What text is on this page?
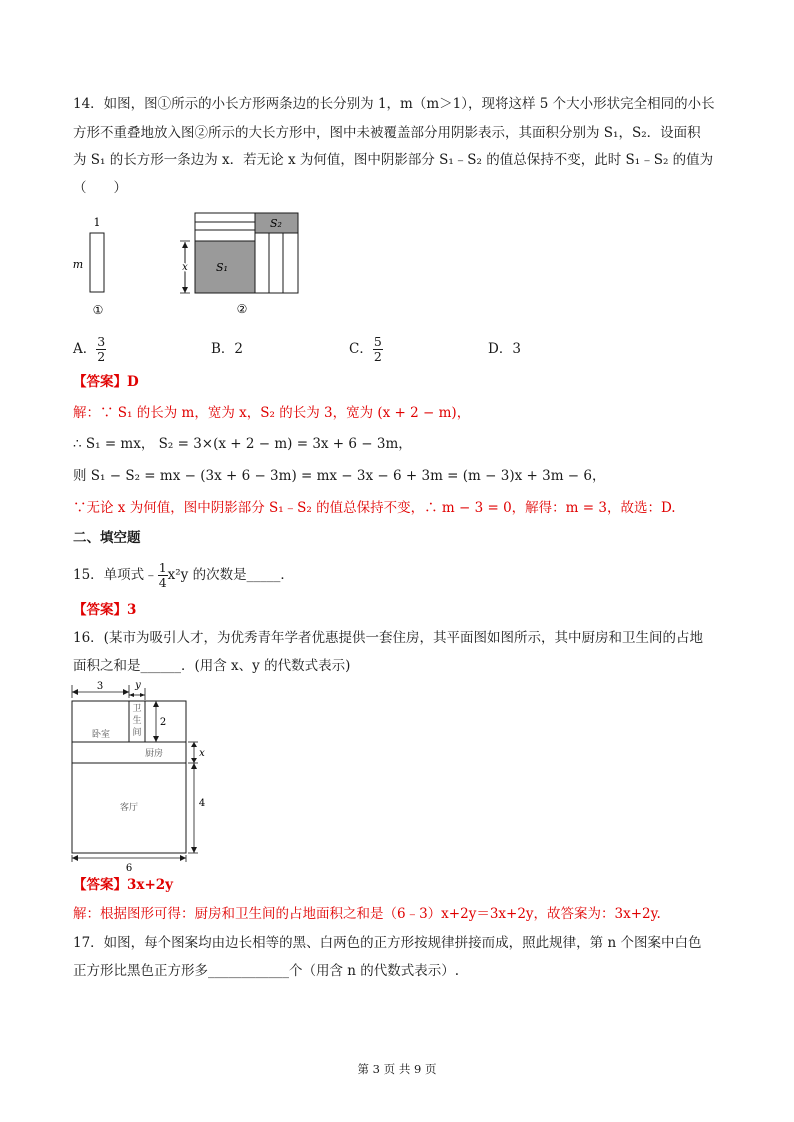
14．如图，图①所示的小长方形两条边的长分别为 1，m（m＞1），现将这样 5 个大小形状完全相同的小长
方形不重叠地放入图②所示的大长方形中，图中未被覆盖部分用阴影表示，其面积分别为 S₁，S₂．设面积
为 S₁ 的长方形一条边为 x．若无论 x 为何值，图中阴影部分 S₁﹣S₂ 的值总保持不变，此时 S₁﹣S₂ 的值为
（　　）
1
m
①
x	S₁
S₂
②
A． $\frac{3}{2}$	B．2	C． $\frac{5}{2}$	D．3
【答案】D
解：∵ S₁ 的长为 m，宽为 x，S₂ 的长为 3，宽为 (x + 2 − m)，
∴ S₁ = mx， S₂ = 3×(x + 2 − m) = 3x + 6 − 3m，
则 S₁ − S₂ = mx − (3x + 6 − 3m) = mx − 3x − 6 + 3m = (m − 3)x + 3m − 6，
∵无论 x 为何值，图中阴影部分 S₁﹣S₂ 的值总保持不变，∴ m − 3 = 0，解得：m = 3，故选：D.
二、填空题
15．单项式﹣ $\frac{1}{4} x^2y$ 的次数是_____．
【答案】3
16．(某市为吸引人才，为优秀青年学者优惠提供一套住房，其平面图如图所示，其中厨房和卫生间的占地
面积之和是______．(用含 x、y 的代数式表示)
3	y
2
x
4
6
卧室
卫
生
间
厨房
客厅
【答案】3x+2y
解：根据图形可得：厨房和卫生间的占地面积之和是（6﹣3）x+2y＝3x+2y，故答案为：3x+2y.
17．如图，每个图案均由边长相等的黑、白两色的正方形按规律拼接而成，照此规律，第 n 个图案中白色
正方形比黑色正方形多____________个（用含 n 的代数式表示）.
第 3 页 共 9 页
